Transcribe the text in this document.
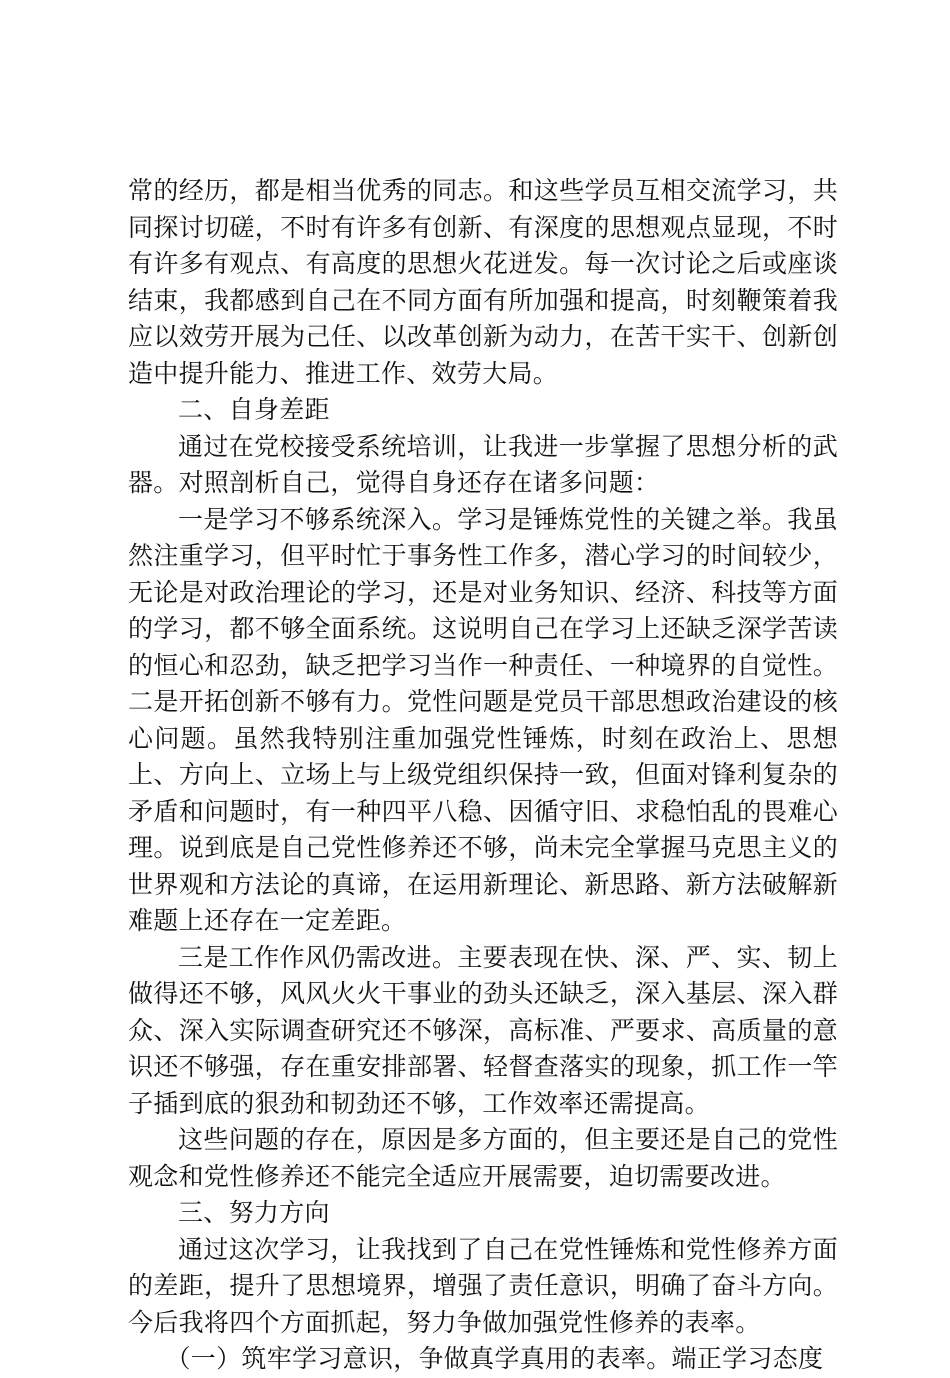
常的经历，都是相当优秀的同志。和这些学员互相交流学习，共同探讨切磋，不时有许多有创新、有深度的思想观点显现，不时有许多有观点、有高度的思想火花迸发。每一次讨论之后或座谈结束，我都感到自己在不同方面有所加强和提高，时刻鞭策着我应以效劳开展为己任、以改革创新为动力，在苦干实干、创新创造中提升能力、推进工作、效劳大局。

二、自身差距

通过在党校接受系统培训，让我进一步掌握了思想分析的武器。对照剖析自己，觉得自身还存在诸多问题：

一是学习不够系统深入。学习是锤炼党性的关键之举。我虽然注重学习，但平时忙于事务性工作多，潜心学习的时间较少，无论是对政治理论的学习，还是对业务知识、经济、科技等方面的学习，都不够全面系统。这说明自己在学习上还缺乏深学苦读的恒心和忍劲，缺乏把学习当作一种责任、一种境界的自觉性。二是开拓创新不够有力。党性问题是党员干部思想政治建设的核心问题。虽然我特别注重加强党性锤炼，时刻在政治上、思想上、方向上、立场上与上级党组织保持一致，但面对锋利复杂的矛盾和问题时，有一种四平八稳、因循守旧、求稳怕乱的畏难心理。说到底是自己党性修养还不够，尚未完全掌握马克思主义的世界观和方法论的真谛，在运用新理论、新思路、新方法破解新难题上还存在一定差距。

三是工作作风仍需改进。主要表现在快、深、严、实、韧上做得还不够，风风火火干事业的劲头还缺乏，深入基层、深入群众、深入实际调查研究还不够深，高标准、严要求、高质量的意识还不够强，存在重安排部署、轻督查落实的现象，抓工作一竿子插到底的狠劲和韧劲还不够，工作效率还需提高。

这些问题的存在，原因是多方面的，但主要还是自己的党性观念和党性修养还不能完全适应开展需要，迫切需要改进。

三、努力方向

通过这次学习，让我找到了自己在党性锤炼和党性修养方面的差距，提升了思想境界，增强了责任意识，明确了奋斗方向。今后我将四个方面抓起，努力争做加强党性修养的表率。

（一）筑牢学习意识，争做真学真用的表率。端正学习态度
